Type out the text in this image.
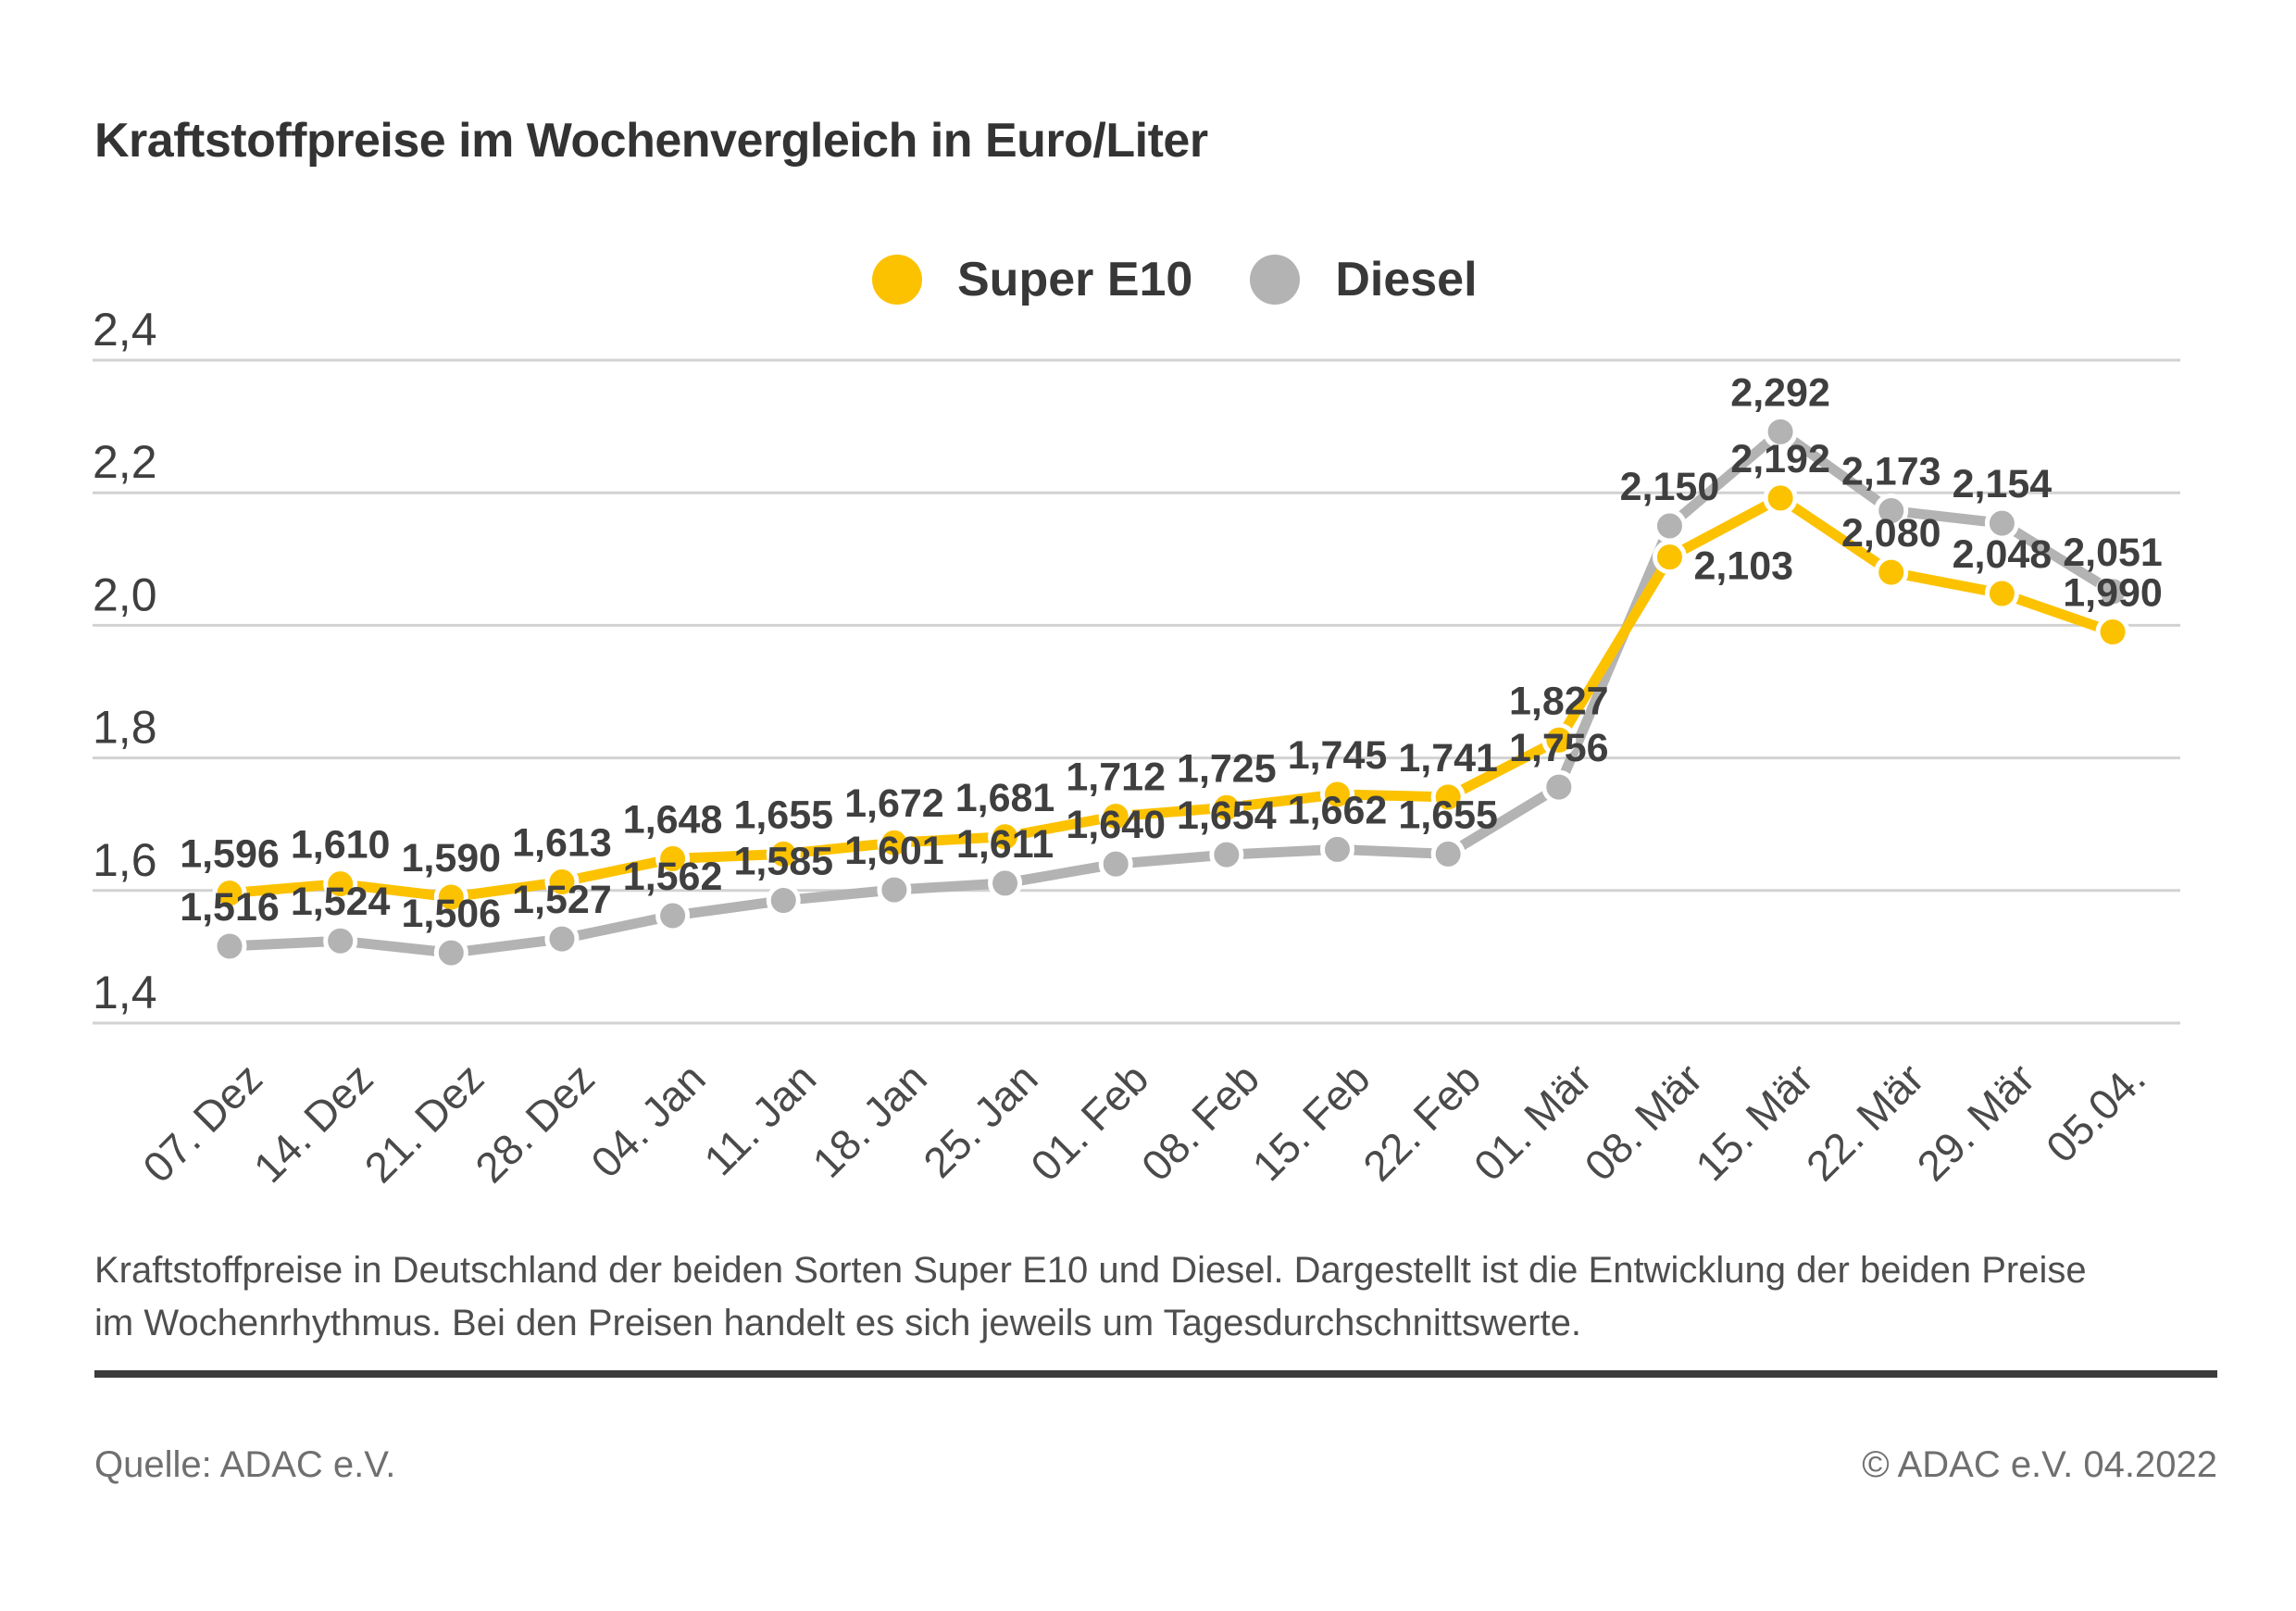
Kraftstoffpreise im Wochenvergleich in Euro/Liter
Super E10	Diesel
1,4
1,6
1,8
2,0
2,2
2,4
1,516 1,524 1,506 1,527
1,562 1,585 1,601 1,611 1,640 1,654 1,662 1,655
1,756
2,150
2,292
2,173 2,154
2,051
1,596 1,610 1,590 1,613
1,648 1,655 1,672 1,681 1,712 1,725 1,745 1,741
1,827
2,103
2,192
2,080 2,048
1,990
07. Dez
14. Dez
21. Dez
28. Dez
04. Jan
11. Jan
18. Jan
25. Jan
01. Feb
08. Feb
15. Feb
22. Feb
01. Mär
08. Mär
15. Mär
22. Mär
29. Mär
05.04.

Kraftstoffpreise in Deutschland der beiden Sorten Super E10 und Diesel. Dargestellt ist die Entwicklung der beiden Preise im Wochenrhythmus. Bei den Preisen handelt es sich jeweils um Tagesdurchschnittswerte.

Quelle: ADAC e.V.	© ADAC e.V. 04.2022
